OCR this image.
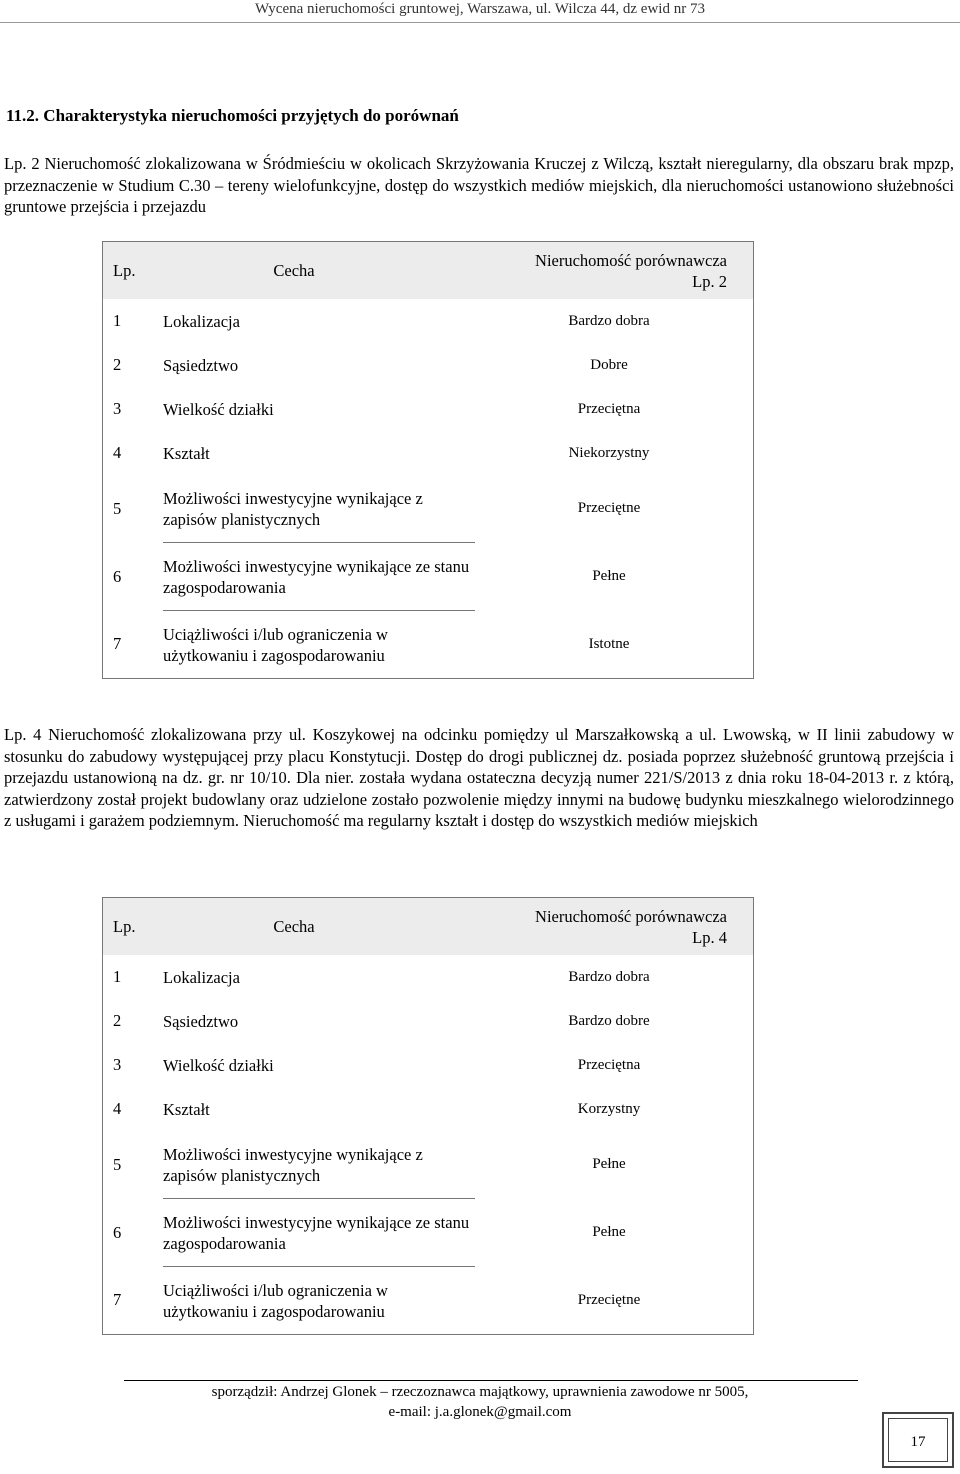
Wycena nieruchomości gruntowej, Warszawa, ul. Wilcza 44, dz ewid nr 73
11.2. Charakterystyka nieruchomości przyjętych do porównań
Lp. 2 Nieruchomość zlokalizowana w Śródmieściu w okolicach Skrzyżowania Kruczej z Wilczą, kształt nieregularny, dla obszaru brak mpzp, przeznaczenie w Studium C.30 – tereny wielofunkcyjne, dostęp do wszystkich mediów miejskich, dla nieruchomości ustanowiono służebności gruntowe przejścia i przejazdu
Lp.	Cecha	Nieruchomość porównawcza
Lp. 2
1	Lokalizacja	Bardzo dobra
2	Sąsiedztwo	Dobre
3	Wielkość działki	Przeciętna
4	Kształt	Niekorzystny
5	Możliwości inwestycyjne wynikające z zapisów planistycznych	Przeciętne
6	Możliwości inwestycyjne wynikające ze stanu zagospodarowania	Pełne
7	Uciążliwości i/lub ograniczenia w użytkowaniu i zagospodarowaniu	Istotne
Lp. 4 Nieruchomość zlokalizowana przy ul. Koszykowej na odcinku pomiędzy ul Marszałkowską a ul. Lwowską, w II linii zabudowy w stosunku do zabudowy występującej przy placu Konstytucji. Dostęp do drogi publicznej dz. posiada poprzez służebność gruntową przejścia i przejazdu ustanowioną na dz. gr. nr 10/10. Dla nier. została wydana ostateczna decyzją numer 221/S/2013 z dnia roku 18-04-2013 r. z którą, zatwierdzony został projekt budowlany oraz udzielone zostało pozwolenie między innymi na budowę budynku mieszkalnego wielorodzinnego z usługami i garażem podziemnym. Nieruchomość ma regularny kształt i dostęp do wszystkich mediów miejskich
Lp.	Cecha	Nieruchomość porównawcza
Lp. 4
1	Lokalizacja	Bardzo dobra
2	Sąsiedztwo	Bardzo dobre
3	Wielkość działki	Przeciętna
4	Kształt	Korzystny
5	Możliwości inwestycyjne wynikające z zapisów planistycznych	Pełne
6	Możliwości inwestycyjne wynikające ze stanu zagospodarowania	Pełne
7	Uciążliwości i/lub ograniczenia w użytkowaniu i zagospodarowaniu	Przeciętne
sporządził: Andrzej Glonek – rzeczoznawca majątkowy, uprawnienia zawodowe nr 5005,
e-mail: j.a.glonek@gmail.com
17
